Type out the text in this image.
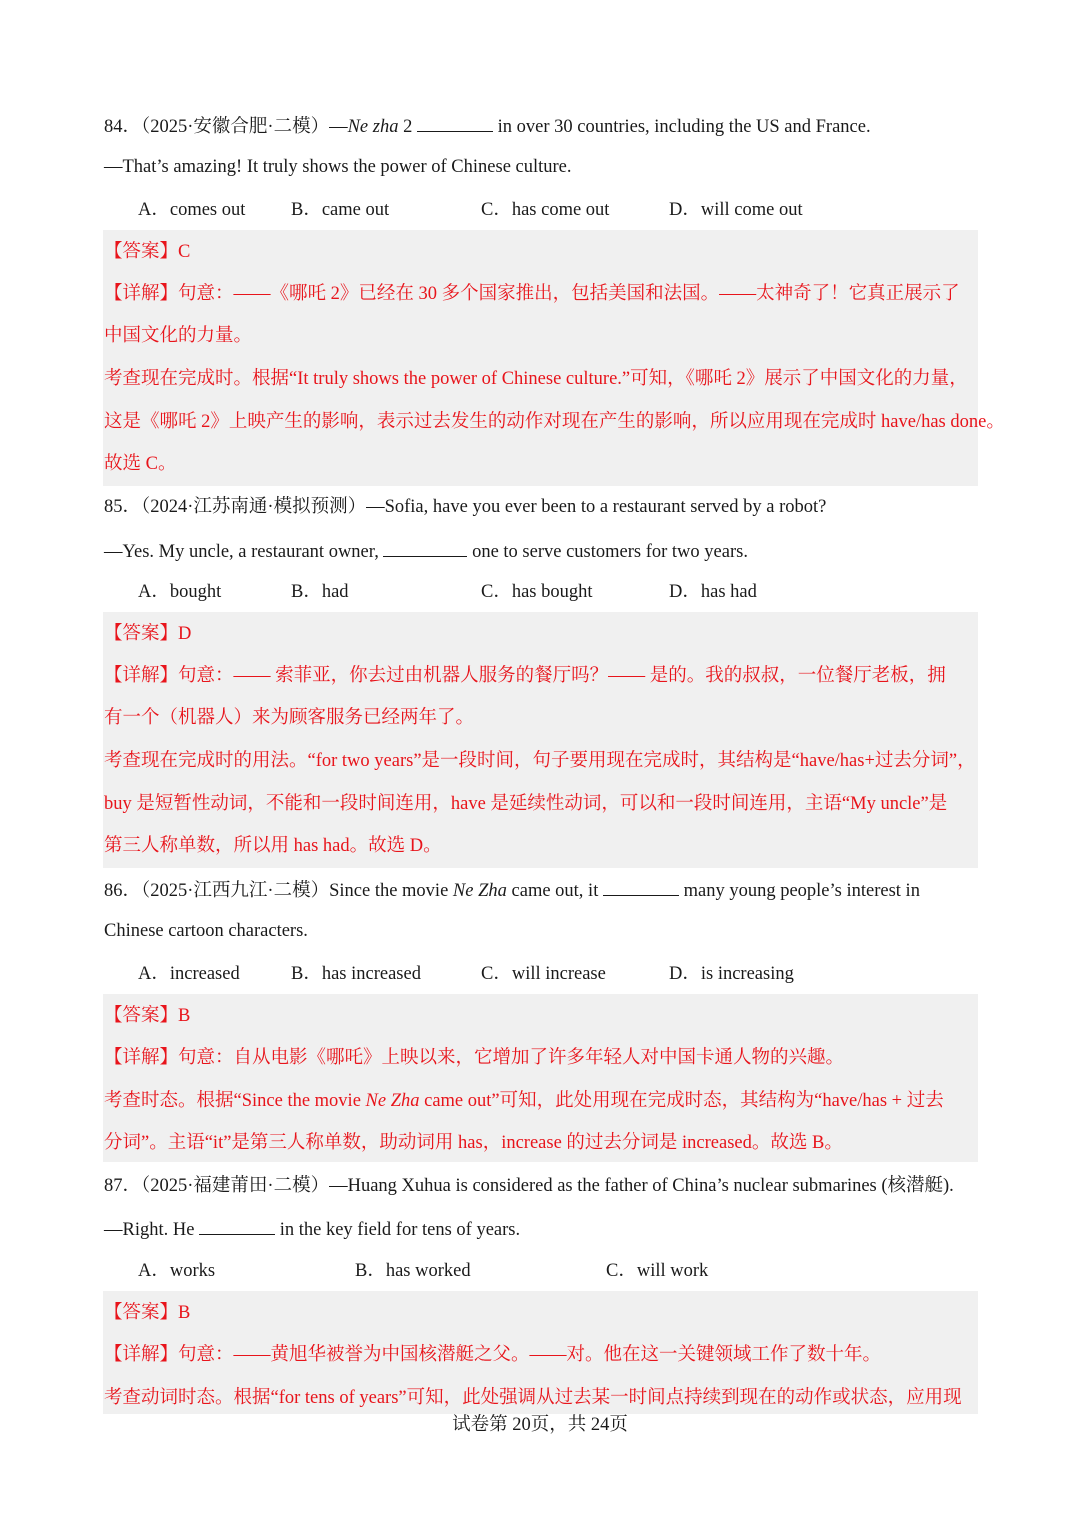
84．（2025·安徽合肥·二模）—Ne zha 2	in over 30 countries, including the US and France.
—That’s amazing! It truly shows the power of Chinese culture.
A．comes out B．came out	C．has come out	D．will come out
【答案】C
【详解】句意：——《哪吒 2》已经在 30 多个国家推出，包括美国和法国。——太神奇了！它真正展示了
中国文化的力量。
考查现在完成时。根据“It truly shows the power of Chinese culture.”可知，《哪吒 2》展示了中国文化的力量，
这是《哪吒 2》上映产生的影响，表示过去发生的动作对现在产生的影响，所以应用现在完成时 have/has done。
故选 C。
85．（2024·江苏南通·模拟预测）—Sofia, have you ever been to a restaurant served by a robot?
—Yes. My uncle, a restaurant owner,	one to serve customers for two years.
A．bought	B．had	C．has bought	D．has had
【答案】D
【详解】句意：—— 索菲亚，你去过由机器人服务的餐厅吗？—— 是的。我的叔叔，一位餐厅老板，拥
有一个（机器人）来为顾客服务已经两年了。
考查现在完成时的用法。“for two years”是一段时间，句子要用现在完成时，其结构是“have/has+过去分词”，
buy 是短暂性动词，不能和一段时间连用，have 是延续性动词，可以和一段时间连用，主语“My uncle”是
第三人称单数，所以用 has had。故选 D。
86．（2025·江西九江·二模）Since the movie Ne Zha came out, it	many young people’s interest in
Chinese cartoon characters.
A．increased	B．has increased	C．will increase	D．is increasing
【答案】B
【详解】句意：自从电影《哪吒》上映以来，它增加了许多年轻人对中国卡通人物的兴趣。
考查时态。根据“Since the movie Ne Zha came out”可知，此处用现在完成时态，其结构为“have/has + 过去
分词”。主语“it”是第三人称单数，助动词用 has，increase 的过去分词是 increased。故选 B。
87．（2025·福建莆田·二模）—Huang Xuhua is considered as the father of China’s nuclear submarines (核潜艇).
—Right. He	in the key field for tens of years.
A．works	B．has worked	C．will work
【答案】B
【详解】句意：——黄旭华被誉为中国核潜艇之父。——对。他在这一关键领域工作了数十年。
考查动词时态。根据“for tens of years”可知，此处强调从过去某一时间点持续到现在的动作或状态，应用现
试卷第 20页，共 24页
